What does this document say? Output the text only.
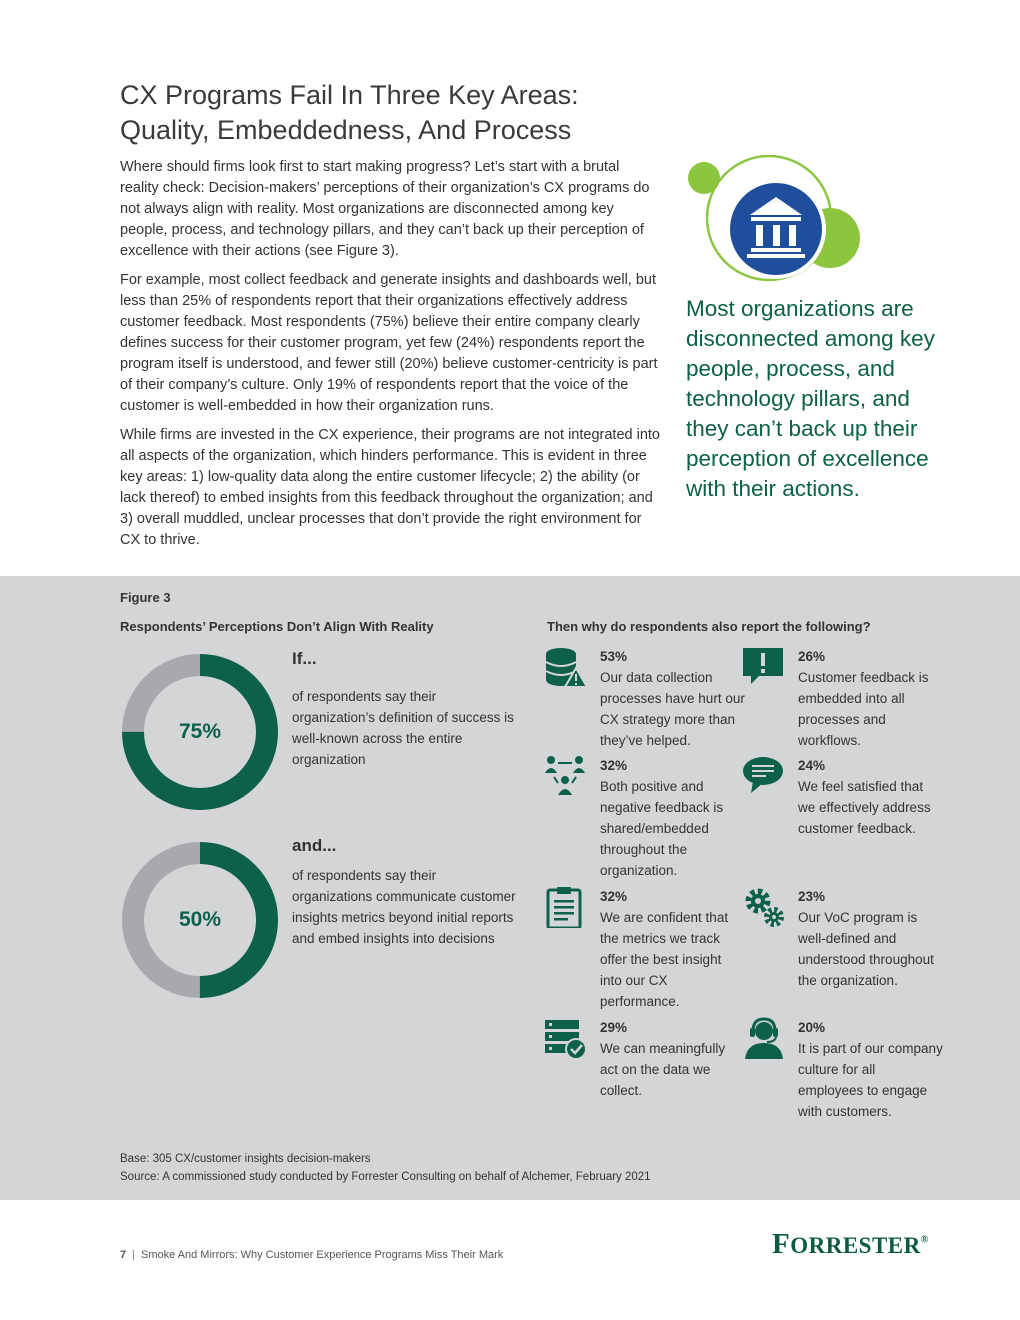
CX Programs Fail In Three Key Areas:
Quality, Embeddedness, And Process

Where should firms look first to start making progress? Let’s start with a brutal reality check: Decision-makers’ perceptions of their organization’s CX programs do not always align with reality. Most organizations are disconnected among key people, process, and technology pillars, and they can’t back up their perception of excellence with their actions (see Figure 3).

For example, most collect feedback and generate insights and dashboards well, but less than 25% of respondents report that their organizations effectively address customer feedback. Most respondents (75%) believe their entire company clearly defines success for their customer program, yet few (24%) respondents report the program itself is understood, and fewer still (20%) believe customer-centricity is part of their company’s culture. Only 19% of respondents report that the voice of the customer is well-embedded in how their organization runs.

While firms are invested in the CX experience, their programs are not integrated into all aspects of the organization, which hinders performance. This is evident in three key areas: 1) low-quality data along the entire customer lifecycle; 2) the ability (or lack thereof) to embed insights from this feedback throughout the organization; and 3) overall muddled, unclear processes that don’t provide the right environment for CX to thrive.

Most organizations are disconnected among key people, process, and technology pillars, and they can’t back up their perception of excellence with their actions.
Figure 3
Respondents’ Perceptions Don’t Align With Reality	Then why do respondents also report the following?
75%
If...
of respondents say their organization’s definition of success is well-known across the entire organization
50%
and...
of respondents say their organizations communicate customer insights metrics beyond initial reports and embed insights into decisions
53%
Our data collection processes have hurt our CX strategy more than they’ve helped.
26%
Customer feedback is embedded into all processes and workflows.
32%
Both positive and negative feedback is shared/embedded throughout the organization.
24%
We feel satisfied that we effectively address customer feedback.
32%
We are confident that the metrics we track offer the best insight into our CX performance.
23%
Our VoC program is well-defined and understood throughout the organization.
29%
We can meaningfully act on the data we collect.
20%
It is part of our company culture for all employees to engage with customers.
Base: 305 CX/customer insights decision-makers
Source: A commissioned study conducted by Forrester Consulting on behalf of Alchemer, February 2021
7 | Smoke And Mirrors: Why Customer Experience Programs Miss Their Mark	FORRESTER®
